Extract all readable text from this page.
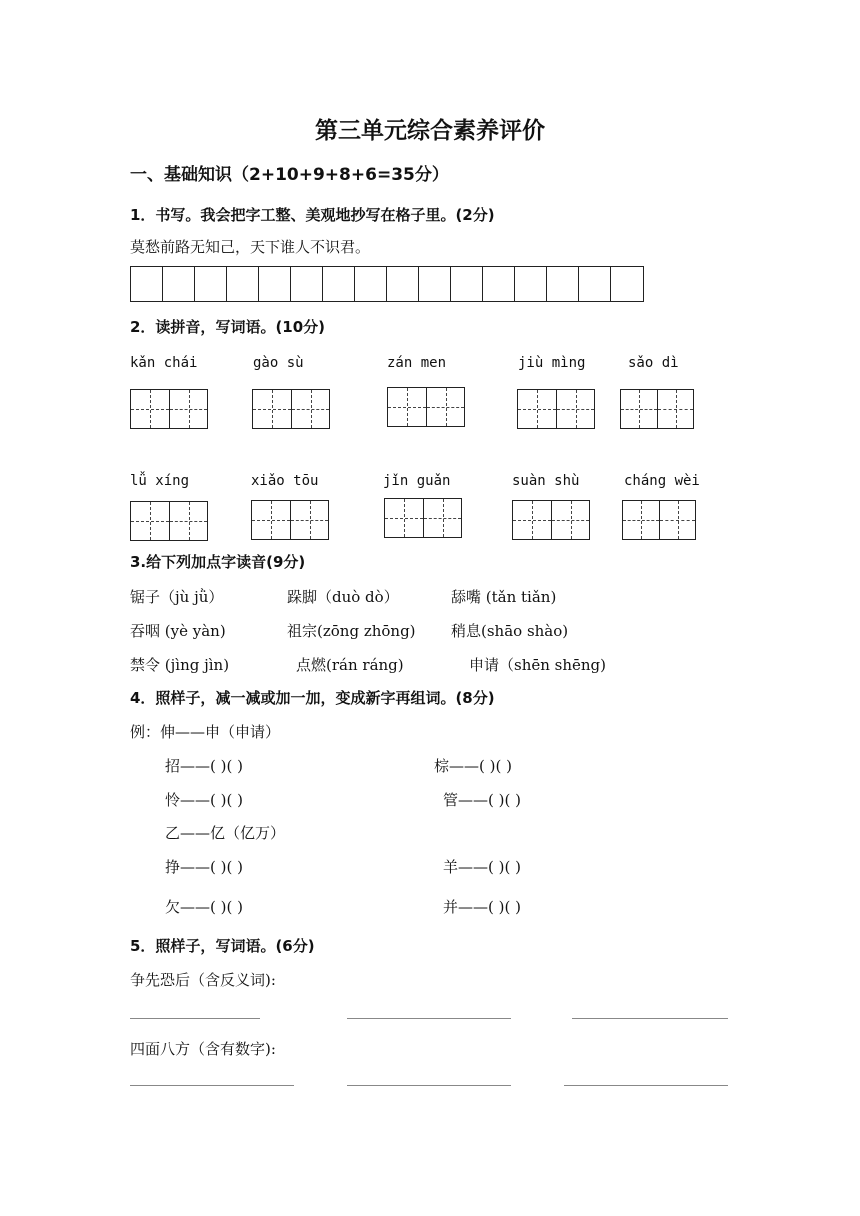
第三单元综合素养评价
一、基础知识（2+10+9+8+6=35分）
1．书写。我会把字工整、美观地抄写在格子里。(2分)
莫愁前路无知己，天下谁人不识君。
2．读拼音，写词语。(10分)
kǎn chái	gào sù	zán men	jiù mìng	sǎo dì
lǚ xíng	xiǎo tōu	jǐn guǎn	suàn shù	cháng wèi
3.给下列加点字读音(9分)
锯子（jù jǜ）	跺脚（duò dò）	舔嘴 (tǎn tiǎn)
吞咽 (yè yàn)	祖宗(zōng zhōng) 稍息(shāo shào)
禁令 (jìng jìn)	点燃(rán ráng)	申请（shēn shēng)
4．照样子，减一减或加一加，变成新字再组词。(8分)
例：伸——申（申请）
招——( )( )	棕——( )( )
怜——( )( )	管——( )( )
乙——亿（亿万）
挣——( )( )	羊——( )( )
欠——( )( )	并——( )( )
5．照样子，写词语。(6分)
争先恐后（含反义词):
四面八方（含有数字):
